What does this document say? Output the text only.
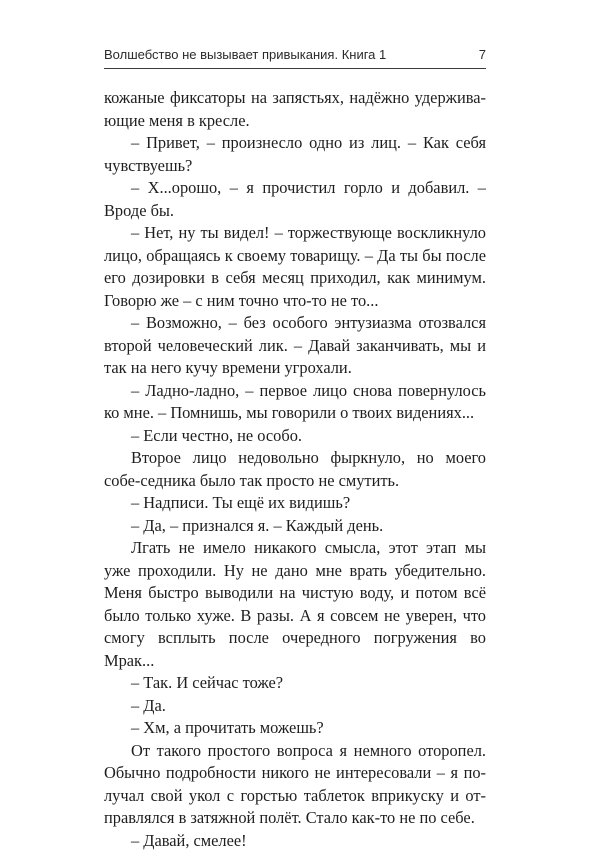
Волшебство не вызывает привыкания. Книга 1	7

кожаные фиксаторы на запястьях, надёжно удержива-ющие меня в кресле.

– Привет, – произнесло одно из лиц. – Как себя чувствуешь?

– Х...орошо, – я прочистил горло и добавил. – Вроде бы.

– Нет, ну ты видел! – торжествующе воскликнуло лицо, обращаясь к своему товарищу. – Да ты бы после его дозировки в себя месяц приходил, как минимум. Говорю же – с ним точно что-то не то...

– Возможно, – без особого энтузиазма отозвался второй человеческий лик. – Давай заканчивать, мы и так на него кучу времени угрохали.

– Ладно-ладно, – первое лицо снова повернулось ко мне. – Помнишь, мы говорили о твоих видениях...

– Если честно, не особо.

Второе лицо недовольно фыркнуло, но моего собе-седника было так просто не смутить.

– Надписи. Ты ещё их видишь?

– Да, – признался я. – Каждый день.

Лгать не имело никакого смысла, этот этап мы уже проходили. Ну не дано мне врать убедительно. Меня быстро выводили на чистую воду, и потом всё было только хуже. В разы. А я совсем не уверен, что смогу всплыть после очередного погружения во Мрак...

– Так. И сейчас тоже?

– Да.

– Хм, а прочитать можешь?

От такого простого вопроса я немного оторопел. Обычно подробности никого не интересовали – я по-лучал свой укол с горстью таблеток вприкуску и от-правлялся в затяжной полёт. Стало как-то не по себе.

– Давай, смелее!
